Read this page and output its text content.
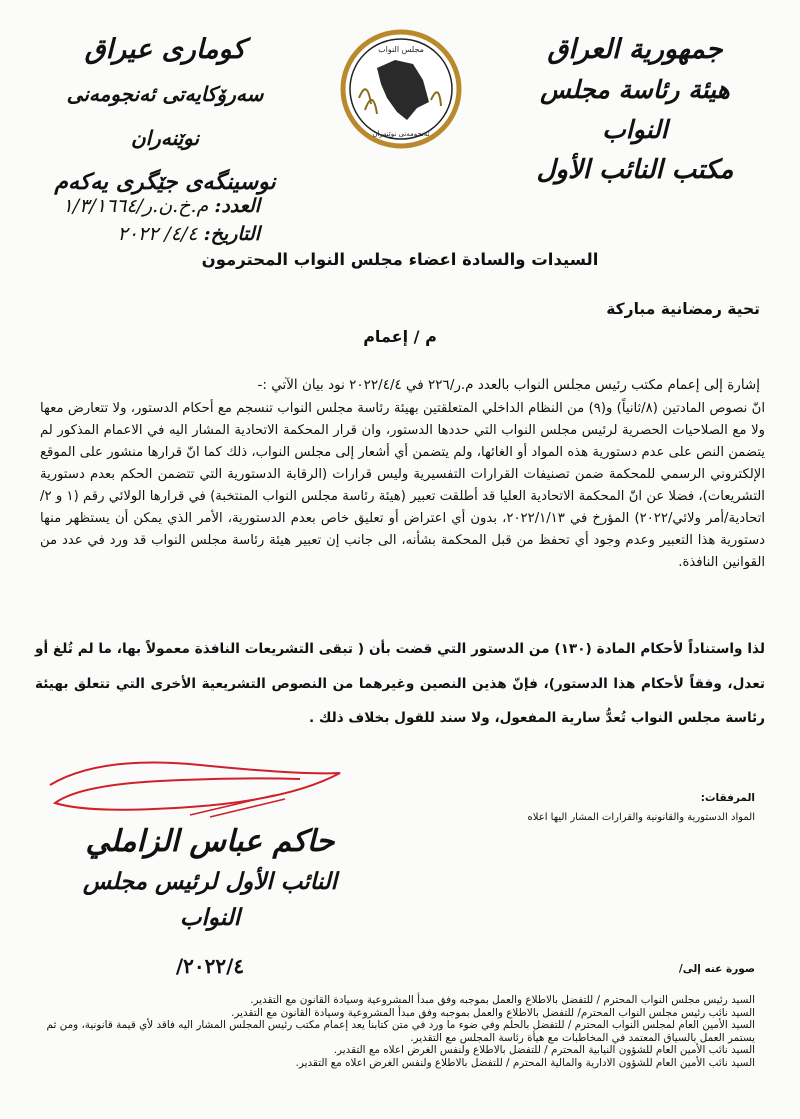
جمهورية العراق
هيئة رئاسة مجلس النواب
مكتب النائب الأول
كوماری عيراق
سەرۆكایەتی ئەنجومەنی نوێنەران
نوسینگەی جێگری یەكەم
مجلس النواب
ئەنجومەنی نوێنەران
العدد: م.خ.ن.ر/١/٣/١٦٦٤
التاريخ: ٤/٤/ ٢٠٢٢
السيدات والسادة اعضاء مجلس النواب المحترمون
تحية رمضانية مباركة
م / إعمام
إشارة إلى إعمام مكتب رئيس مجلس النواب بالعدد م.ر/٢٢٦ في ٢٠٢٢/٤/٤ نود بيان الآتي :-
انّ نصوص المادتين (٨/ثانياً) و(٩) من النظام الداخلي المتعلقتين بهيئة رئاسة مجلس النواب تنسجم مع أحكام الدستور، ولا تتعارض معها ولا مع الصلاحيات الحصرية لرئيس مجلس النواب التي حددها الدستور، وان قرار المحكمة الاتحادية المشار اليه في الاعمام المذكور لم يتضمن النص على عدم دستورية هذه المواد أو الغائها، ولم يتضمن أي أشعار إلى مجلس النواب، ذلك كما انّ قرارها منشور على الموقع الإلكتروني الرسمي للمحكمة ضمن تصنيفات القرارات التفسيرية وليس قرارات (الرقابة الدستورية التي تتضمن الحكم بعدم دستورية التشريعات)، فضلا عن انّ المحكمة الاتحادية العليا قد أطلقت تعبير (هيئة رئاسة مجلس النواب المنتخبة) في قرارها الولائي رقم (١ و ٢/اتحادية/أمر ولائي/٢٠٢٢) المؤرخ في ٢٠٢٢/١/١٣، بدون أي اعتراض أو تعليق خاص بعدم الدستورية، الأمر الذي يمكن أن يستظهر منها دستورية هذا التعبير وعدم وجود أي تحفظ من قبل المحكمة بشأنه، الى جانب إن تعبير هيئة رئاسة مجلس النواب قد ورد في عدد من القوانين النافذة.
لذا واستناداً لأحكام المادة (١٣٠) من الدستور التي قضت بأن ( تبقى التشريعات النافذة معمولاً بها، ما لم تُلغ أو تعدل، وفقاً لأحكام هذا الدستور)، فإنّ هذين النصين وغيرهما من النصوص التشريعية الأخرى التي تتعلق بهيئة رئاسة مجلس النواب تُعدُّ سارية المفعول، ولا سند للقول بخلاف ذلك .
المرفقات:
المواد الدستورية والقانونية والقرارات المشار اليها اعلاه
حاكم عباس الزاملي
النائب الأول لرئيس مجلس النواب
٢٠٢٢/٤/	صورة عنه إلى/
السيد رئيس مجلس النواب المحترم / للتفضل بالاطلاع والعمل بموجبه وفق مبدأ المشروعية وسيادة القانون مع التقدير.
السيد نائب رئيس مجلس النواب المحترم/ للتفضل بالاطلاع والعمل بموجبه وفق مبدأ المشروعية وسيادة القانون مع التقدير.
السيد الأمين العام لمجلس النواب المحترم / للتفضل بالحلم وفي ضوء ما ورد في متن كتابنا يعد إعمام مكتب رئيس المجلس المشار اليه فاقد لأي قيمة قانونية، ومن ثم يستمر العمل بالسياق المعتمد في المخاطبات مع هيأة رئاسة المجلس مع التقدير.
السيد نائب الأمين العام للشؤون النيابية المحترم / للتفضل بالاطلاع ولنفس الغرض اعلاه مع التقدير.
السيد نائب الأمين العام للشؤون الادارية والمالية المحترم / للتفضل بالاطلاع ولنفس الغرض اعلاه مع التقدير.
